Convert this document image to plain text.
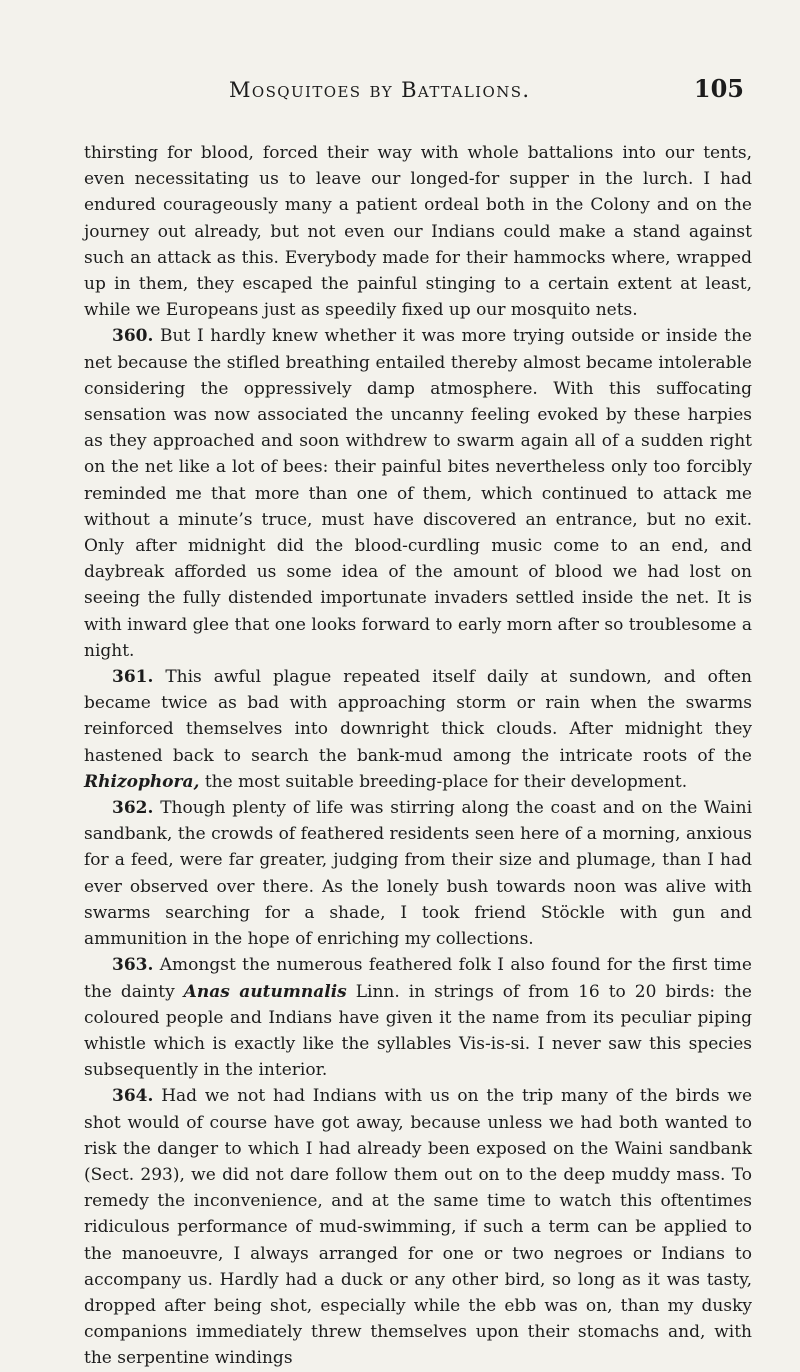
Mosquitoes by Battalions.	105

thirsting for blood, forced their way with whole battalions into our tents, even necessitating us to leave our longed-for supper in the lurch. I had endured courageously many a patient ordeal both in the Colony and on the journey out already, but not even our Indians could make a stand against such an attack as this. Everybody made for their hammocks where, wrapped up in them, they escaped the painful stinging to a certain extent at least, while we Europeans just as speedily fixed up our mosquito nets.

360. But I hardly knew whether it was more trying outside or inside the net because the stifled breathing entailed thereby almost became intolerable considering the oppressively damp atmosphere. With this suffocating sensation was now associated the uncanny feeling evoked by these harpies as they approached and soon withdrew to swarm again all of a sudden right on the net like a lot of bees: their painful bites nevertheless only too forcibly reminded me that more than one of them, which continued to attack me without a minute’s truce, must have discovered an entrance, but no exit. Only after midnight did the blood-curdling music come to an end, and daybreak afforded us some idea of the amount of blood we had lost on seeing the fully distended importunate invaders settled inside the net. It is with inward glee that one looks forward to early morn after so troublesome a night.

361. This awful plague repeated itself daily at sundown, and often became twice as bad with approaching storm or rain when the swarms reinforced themselves into downright thick clouds. After midnight they hastened back to search the bank-mud among the intricate roots of the Rhizophora, the most suitable breeding-place for their development.

362. Though plenty of life was stirring along the coast and on the Waini sandbank, the crowds of feathered residents seen here of a morning, anxious for a feed, were far greater, judging from their size and plumage, than I had ever observed over there. As the lonely bush towards noon was alive with swarms searching for a shade, I took friend Stöckle with gun and ammunition in the hope of enriching my collections.

363. Amongst the numerous feathered folk I also found for the first time the dainty Anas autumnalis Linn. in strings of from 16 to 20 birds: the coloured people and Indians have given it the name from its peculiar piping whistle which is exactly like the syllables Vis-is-si. I never saw this species subsequently in the interior.

364. Had we not had Indians with us on the trip many of the birds we shot would of course have got away, because unless we had both wanted to risk the danger to which I had already been exposed on the Waini sandbank (Sect. 293), we did not dare follow them out on to the deep muddy mass. To remedy the inconvenience, and at the same time to watch this oftentimes ridiculous performance of mud-swimming, if such a term can be applied to the manoeuvre, I always arranged for one or two negroes or Indians to accompany us. Hardly had a duck or any other bird, so long as it was tasty, dropped after being shot, especially while the ebb was on, than my dusky companions immediately threw themselves upon their stomachs and, with the serpentine windings
